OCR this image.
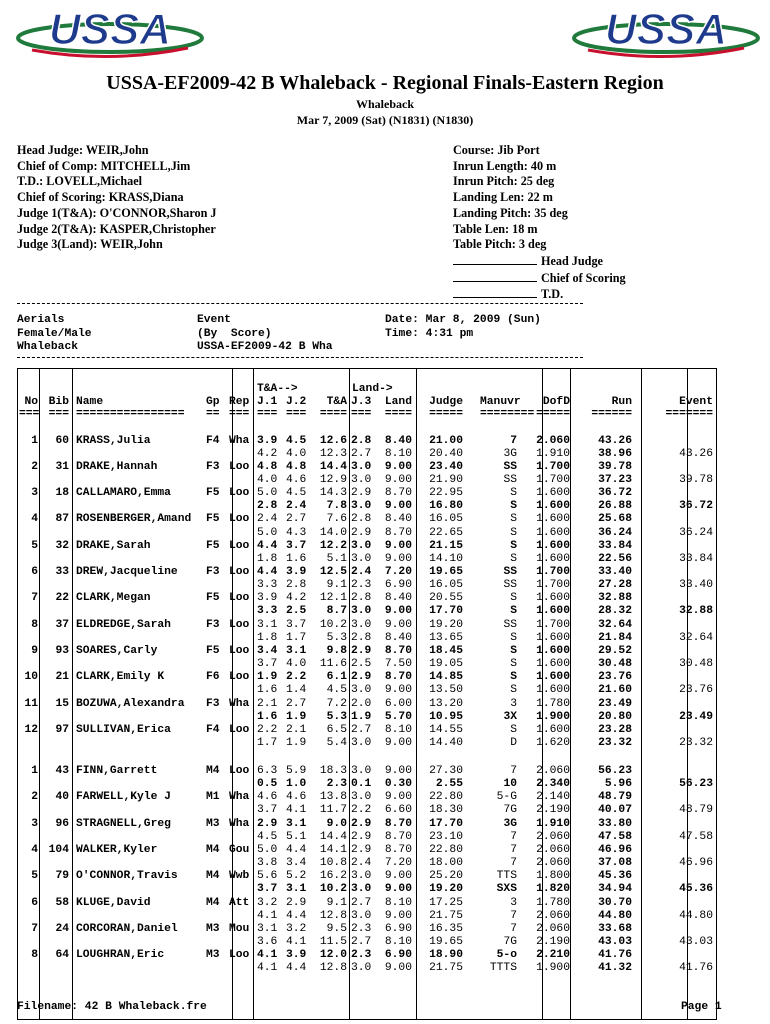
USSA	USSA
USSA-EF2009-42 B Whaleback - Regional Finals-Eastern Region
Whaleback
Mar 7, 2009 (Sat) (N1831) (N1830)
Head Judge: WEIR,John
Chief of Comp: MITCHELL,Jim
T.D.: LOVELL,Michael
Chief of Scoring: KRASS,Diana
Judge 1(T&A): O'CONNOR,Sharon J
Judge 2(T&A): KASPER,Christopher
Judge 3(Land): WEIR,John
Course: Jib Port
Inrun Length: 40 m
Inrun Pitch: 25 deg
Landing Len: 22 m
Landing Pitch: 35 deg
Table Len: 18 m
Table Pitch: 3 deg
Head Judge
Chief of Scoring
T.D.
Aerials
Female/Male
Whaleback
Event
(By  Score)
USSA-EF2009-42 B Wha
Date: Mar 8, 2009 (Sun)
Time: 4:31 pm
T&A-->	Land->
No Bib Name	Gp Rep J.1 J.2	T&A J.3	Land	Judge Manuvr	DofD	Run	Event
=== === ================ == === === ===	==== ===	====	===== ======== ===== ======	=======
1	60 KRASS,Julia	F4 Wha 3.9 4.5	12.6 2.8	8.40	21.00	7 2.060	43.26
4.2 4.0	12.3 2.7	8.10	20.40	3G 1.910	38.96	43.26
2	31 DRAKE,Hannah	F3 Loo 4.8 4.8	14.4 3.0	9.00	23.40	SS 1.700	39.78
4.0 4.6	12.9 3.0	9.00	21.90	SS 1.700	37.23	39.78
3	18 CALLAMARO,Emma	F5 Loo 5.0 4.5	14.3 2.9	8.70	22.95	S 1.600	36.72
2.8 2.4	7.8 3.0	9.00	16.80	S 1.600	26.88	36.72
4	87 ROSENBERGER,Amand F5 Loo 2.4 2.7	7.6 2.8	8.40	16.05	S 1.600	25.68
5.0 4.3	14.0 2.9	8.70	22.65	S 1.600	36.24	36.24
5	32 DRAKE,Sarah	F5 Loo 4.4 3.7	12.2 3.0	9.00	21.15	S 1.600	33.84
1.8 1.6	5.1 3.0	9.00	14.10	S 1.600	22.56	33.84
6	33 DREW,Jacqueline	F3 Loo 4.4 3.9	12.5 2.4	7.20	19.65	SS 1.700	33.40
3.3 2.8	9.1 2.3	6.90	16.05	SS 1.700	27.28	33.40
7	22 CLARK,Megan	F5 Loo 3.9 4.2	12.1 2.8	8.40	20.55	S 1.600	32.88
3.3 2.5	8.7 3.0	9.00	17.70	S 1.600	28.32	32.88
8	37 ELDREDGE,Sarah	F3 Loo 3.1 3.7	10.2 3.0	9.00	19.20	SS 1.700	32.64
1.8 1.7	5.3 2.8	8.40	13.65	S 1.600	21.84	32.64
9	93 SOARES,Carly	F5 Loo 3.4 3.1	9.8 2.9	8.70	18.45	S 1.600	29.52
3.7 4.0	11.6 2.5	7.50	19.05	S 1.600	30.48	30.48
10	21 CLARK,Emily K	F6 Loo 1.9 2.2	6.1 2.9	8.70	14.85	S 1.600	23.76
1.6 1.4	4.5 3.0	9.00	13.50	S 1.600	21.60	23.76
11	15 BOZUWA,Alexandra F3 Wha 2.1 2.7	7.2 2.0	6.00	13.20	3 1.780	23.49
1.6 1.9	5.3 1.9	5.70	10.95	3X 1.900	20.80	23.49
12	97 SULLIVAN,Erica	F4 Loo 2.2 2.1	6.5 2.7	8.10	14.55	S 1.600	23.28
1.7 1.9	5.4 3.0	9.00	14.40	D 1.620	23.32	23.32
1	43 FINN,Garrett	M4 Loo 6.3 5.9	18.3 3.0	9.00	27.30	7 2.060	56.23
0.5 1.0	2.3 0.1	0.30	2.55	10 2.340	5.96	56.23
2	40 FARWELL,Kyle J	M1 Wha 4.6 4.6	13.8 3.0	9.00	22.80	5-G 2.140	48.79
3.7 4.1	11.7 2.2	6.60	18.30	7G 2.190	40.07	48.79
3	96 STRAGNELL,Greg	M3 Wha 2.9 3.1	9.0 2.9	8.70	17.70	3G 1.910	33.80
4.5 5.1	14.4 2.9	8.70	23.10	7 2.060	47.58	47.58
4 104 WALKER,Kyler	M4 Gou 5.0 4.4	14.1 2.9	8.70	22.80	7 2.060	46.96
3.8 3.4	10.8 2.4	7.20	18.00	7 2.060	37.08	46.96
5	79 O'CONNOR,Travis	M4 Wwb 5.6 5.2	16.2 3.0	9.00	25.20	TTS 1.800	45.36
3.7 3.1	10.2 3.0	9.00	19.20	SXS 1.820	34.94	45.36
6	58 KLUGE,David	M4 Att 3.2 2.9	9.1 2.7	8.10	17.25	3 1.780	30.70
4.1 4.4	12.8 3.0	9.00	21.75	7 2.060	44.80	44.80
7	24 CORCORAN,Daniel	M3 Mou 3.1 3.2	9.5 2.3	6.90	16.35	7 2.060	33.68
3.6 4.1	11.5 2.7	8.10	19.65	7G 2.190	43.03	43.03
8	64 LOUGHRAN,Eric	M3 Loo 4.1 3.9	12.0 2.3	6.90	18.90	5-o 2.210	41.76
4.1 4.4	12.8 3.0	9.00	21.75	TTTS 1.900	41.32	41.76
Filename: 42 B Whaleback.fre	Page 1
